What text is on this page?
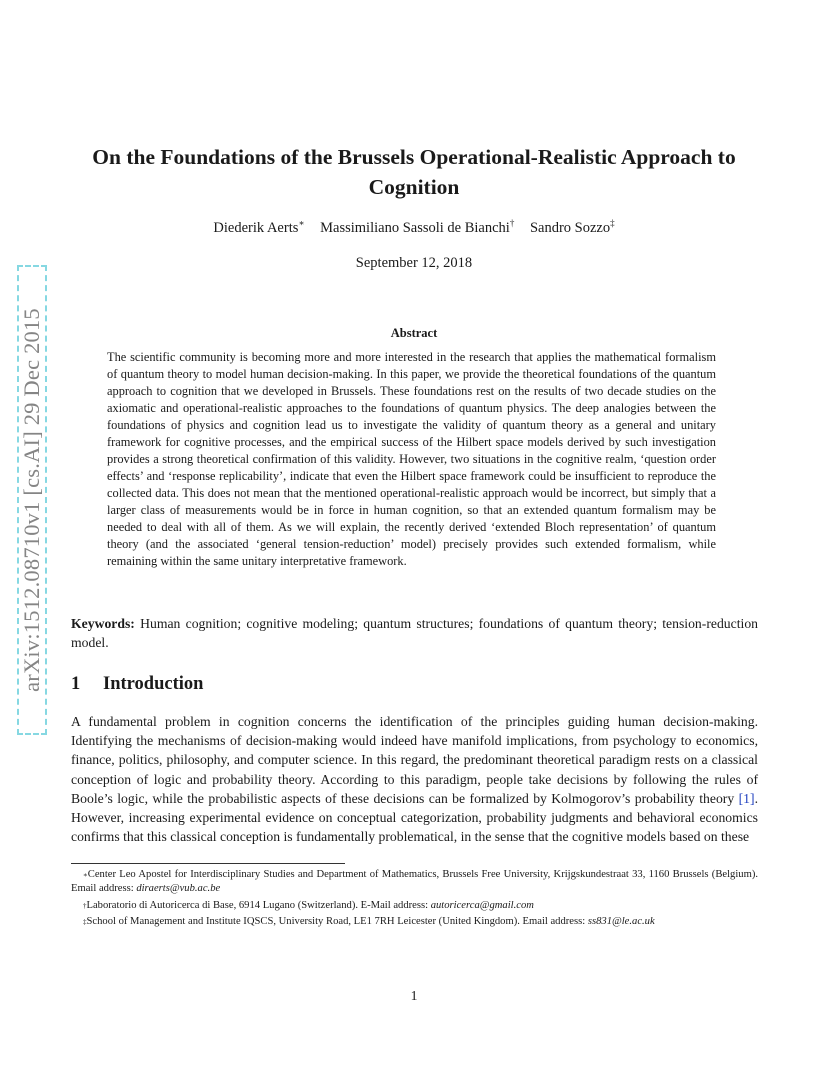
arXiv:1512.08710v1 [cs.AI] 29 Dec 2015
On the Foundations of the Brussels Operational-Realistic Approach to Cognition
Diederik Aerts∗ Massimiliano Sassoli de Bianchi† Sandro Sozzo‡
September 12, 2018
Abstract
The scientific community is becoming more and more interested in the research that applies the mathematical formalism of quantum theory to model human decision-making. In this paper, we provide the theoretical foundations of the quantum approach to cognition that we developed in Brussels. These foundations rest on the results of two decade studies on the axiomatic and operational-realistic approaches to the foundations of quantum physics. The deep analogies between the foundations of physics and cognition lead us to investigate the validity of quantum theory as a general and unitary framework for cognitive processes, and the empirical success of the Hilbert space models derived by such investigation provides a strong theoretical confirmation of this validity. However, two situations in the cognitive realm, ‘question order effects’ and ‘response replicability’, indicate that even the Hilbert space framework could be insufficient to reproduce the collected data. This does not mean that the mentioned operational-realistic approach would be incorrect, but simply that a larger class of measurements would be in force in human cognition, so that an extended quantum formalism may be needed to deal with all of them. As we will explain, the recently derived ‘extended Bloch representation’ of quantum theory (and the associated ‘general tension-reduction’ model) precisely provides such extended formalism, while remaining within the same unitary interpretative framework.
Keywords: Human cognition; cognitive modeling; quantum structures; foundations of quantum theory; tension-reduction model.
1 Introduction
A fundamental problem in cognition concerns the identification of the principles guiding human decision-making. Identifying the mechanisms of decision-making would indeed have manifold implications, from psychology to economics, finance, politics, philosophy, and computer science. In this regard, the predominant theoretical paradigm rests on a classical conception of logic and probability theory. According to this paradigm, people take decisions by following the rules of Boole’s logic, while the probabilistic aspects of these decisions can be formalized by Kolmogorov’s probability theory [1]. However, increasing experimental evidence on conceptual categorization, probability judgments and behavioral economics confirms that this classical conception is fundamentally problematical, in the sense that the cognitive models based on these
∗Center Leo Apostel for Interdisciplinary Studies and Department of Mathematics, Brussels Free University, Krijgskundestraat 33, 1160 Brussels (Belgium). Email address: diraerts@vub.ac.be
†Laboratorio di Autoricerca di Base, 6914 Lugano (Switzerland). E-Mail address: autoricerca@gmail.com
‡School of Management and Institute IQSCS, University Road, LE1 7RH Leicester (United Kingdom). Email address: ss831@le.ac.uk
1
